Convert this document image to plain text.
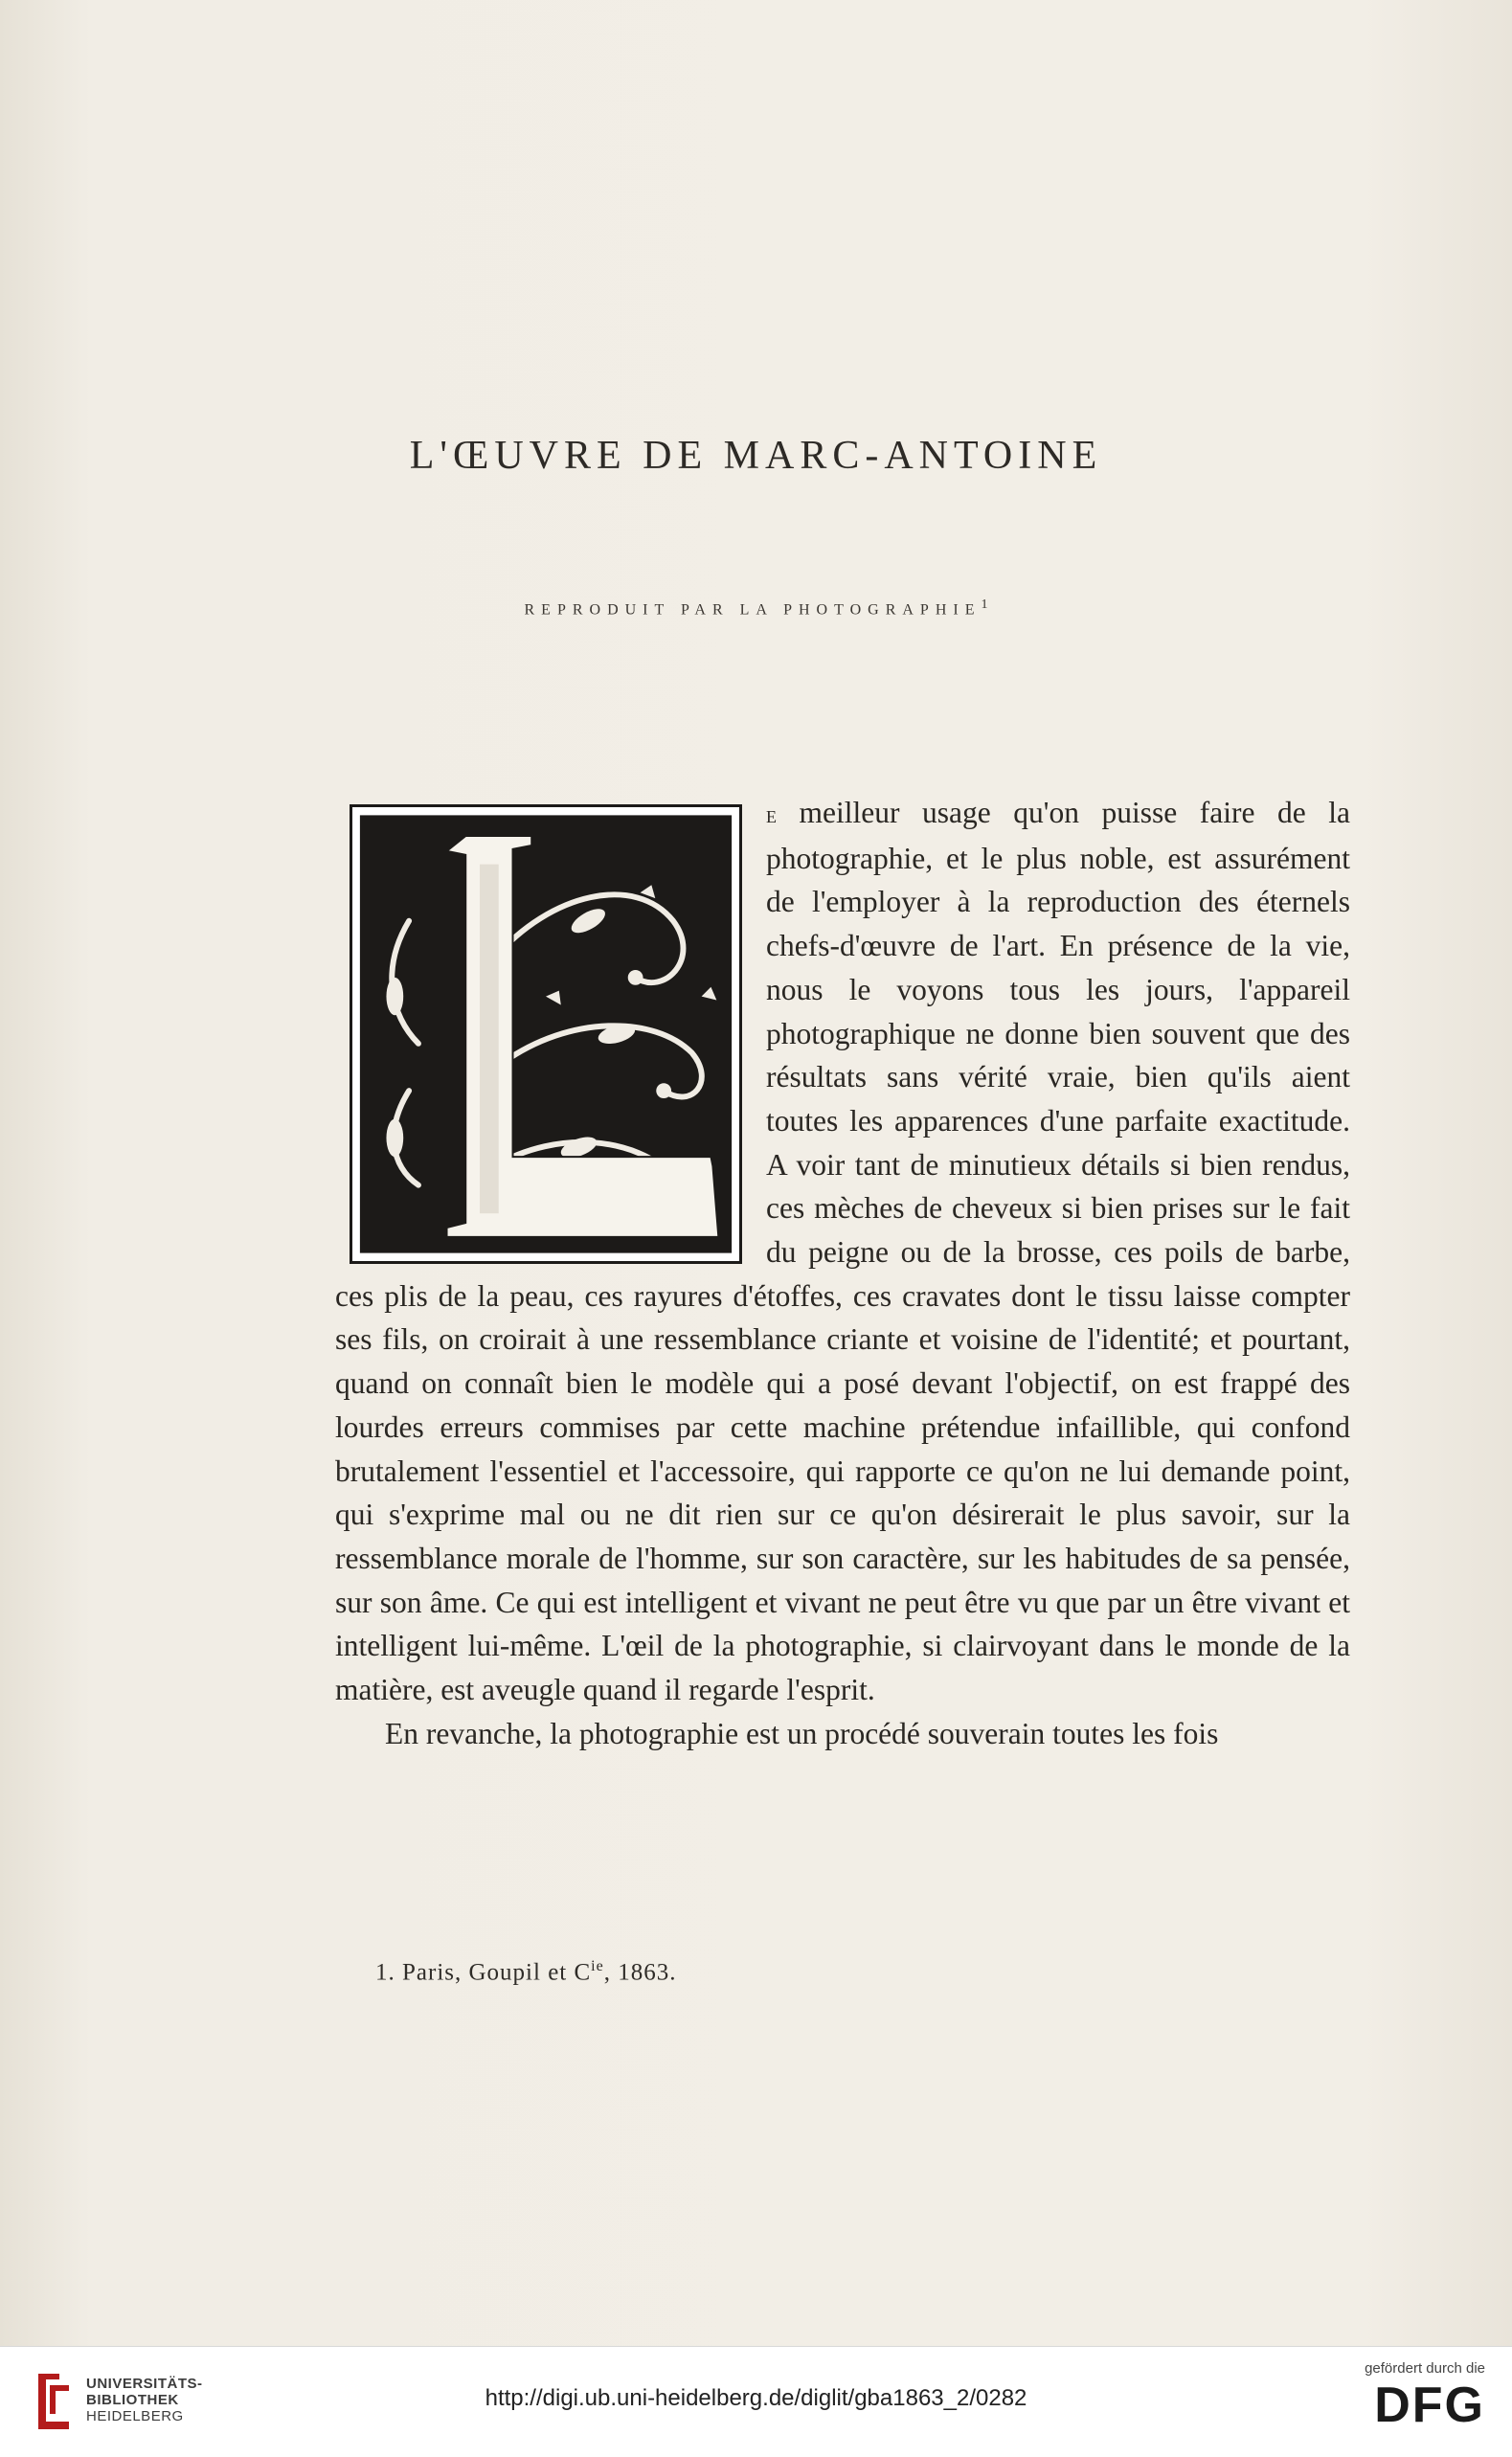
L'ŒUVRE DE MARC-ANTOINE
REPRODUIT PAR LA PHOTOGRAPHIE$^1$

e meilleur usage qu'on puisse faire de la photographie, et le plus noble, est assurément de l'employer à la reproduction des éternels chefs-d'œuvre de l'art. En présence de la vie, nous le voyons tous les jours, l'appareil photographique ne donne bien souvent que des résultats sans vérité vraie, bien qu'ils aient toutes les apparences d'une parfaite exactitude. A voir tant de minutieux détails si bien rendus, ces mèches de cheveux si bien prises sur le fait du peigne ou de la brosse, ces poils de barbe, ces plis de la peau, ces rayures d'étoffes, ces cravates dont le tissu laisse compter ses fils, on croirait à une ressemblance criante et voisine de l'identité; et pourtant, quand on connaît bien le modèle qui a posé devant l'objectif, on est frappé des lourdes erreurs commises par cette machine prétendue infaillible, qui confond brutalement l'essentiel et l'accessoire, qui rapporte ce qu'on ne lui demande point, qui s'exprime mal ou ne dit rien sur ce qu'on désirerait le plus savoir, sur la ressemblance morale de l'homme, sur son caractère, sur les habitudes de sa pensée, sur son âme. Ce qui est intelligent et vivant ne peut être vu que par un être vivant et intelligent lui-même. L'œil de la photographie, si clairvoyant dans le monde de la matière, est aveugle quand il regarde l'esprit.

En revanche, la photographie est un procédé souverain toutes les fois

1. Paris, Goupil et $C^{ie}$, 1863.
UNIVERSITÄTS-
BIBLIOTHEK
HEIDELBERG
http://digi.ub.uni-heidelberg.de/diglit/gba1863_2/0282
gefördert durch die
DFG
